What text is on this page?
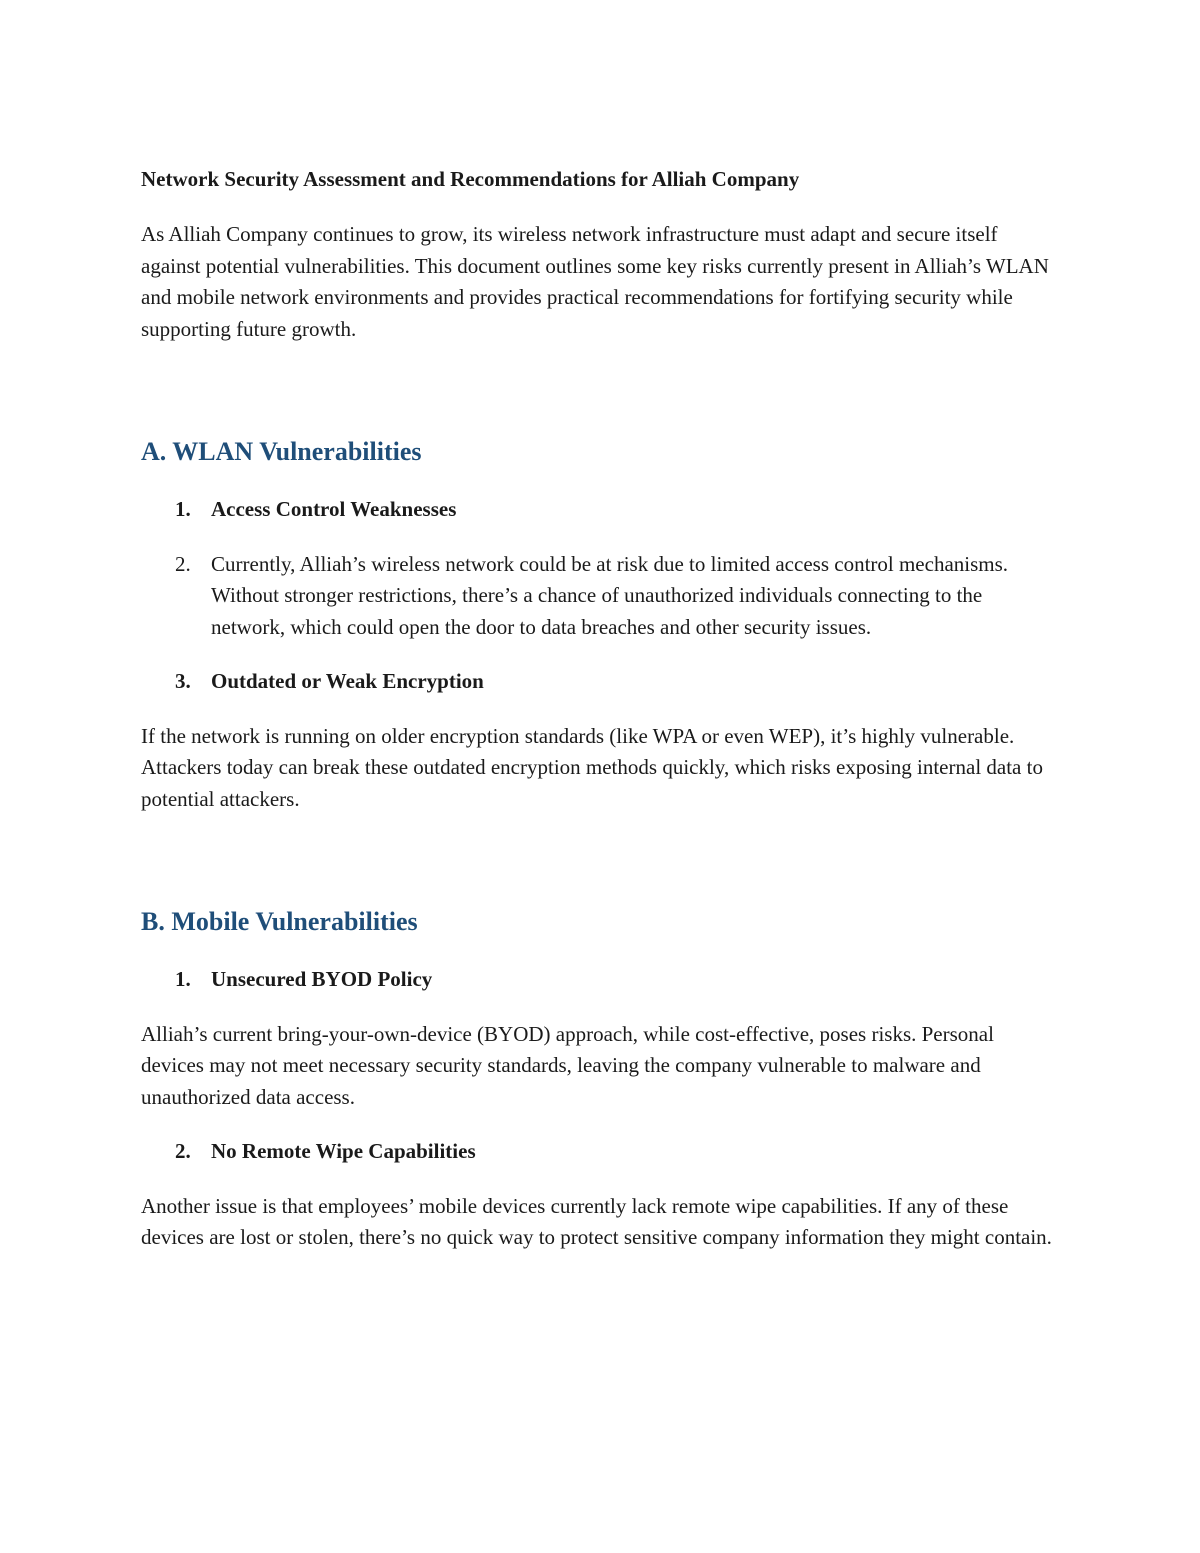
Network Security Assessment and Recommendations for Alliah Company

As Alliah Company continues to grow, its wireless network infrastructure must adapt and secure itself against potential vulnerabilities. This document outlines some key risks currently present in Alliah’s WLAN and mobile network environments and provides practical recommendations for fortifying security while supporting future growth.

A. WLAN Vulnerabilities
1. Access Control Weaknesses
2. Currently, Alliah’s wireless network could be at risk due to limited access control mechanisms. Without stronger restrictions, there’s a chance of unauthorized individuals connecting to the network, which could open the door to data breaches and other security issues.
3. Outdated or Weak Encryption

If the network is running on older encryption standards (like WPA or even WEP), it’s highly vulnerable. Attackers today can break these outdated encryption methods quickly, which risks exposing internal data to potential attackers.

B. Mobile Vulnerabilities
1. Unsecured BYOD Policy

Alliah’s current bring-your-own-device (BYOD) approach, while cost-effective, poses risks. Personal devices may not meet necessary security standards, leaving the company vulnerable to malware and unauthorized data access.

2. No Remote Wipe Capabilities

Another issue is that employees’ mobile devices currently lack remote wipe capabilities. If any of these devices are lost or stolen, there’s no quick way to protect sensitive company information they might contain.
